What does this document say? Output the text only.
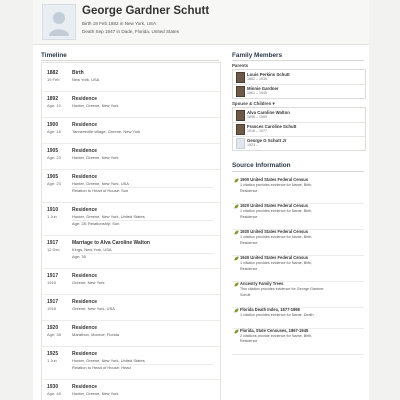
George Gardner Schutt
Birth 19 Feb 1882 in New York, USA
Death Sep 1947 in Dade, Florida, United States
Timeline
1882
19 Feb
Birth
New York, USA
1892
Age: 10
Residence
Hunter, Greene, New York
1900
Age: 18
Residence
Tannersville village, Greene, New York
1905
Age: 23
Residence
Hunter, Greene, New York
1905
Age: 23
Residence
Hunter, Greene, New York, USA
Relation to Head of House: Son
1910
1 Jun
Residence
Hunter, Greene, New York, United States
Age: 28; Relationship: Son
1917
12 Dec
Marriage to Alva Caroline Walton
Kings, New York, USA
Age: 35
1917
1918
Residence
Greene, New York
1917
1918
Residence
Greene, New York, USA
1920
Age: 38
Residence
Marathon, Monroe, Florida
1925
1 Jun
Residence
Hunter, Greene, New York, United States
Relation to Head of House: Head
1930
Age: 48
Residence
Hunter, Greene, New York
Family Members
Parents
Louis Perkins Schutt
1862 – 1935
Minnie Gardner
1861 – 1945
Spouse & Children ▾
Alva Caroline Walton
1896 – 1985
Frances Caroline Schutt
1918 – 1977
George G Schutt Jr
1923 –
Source Information
1900 United States Federal Census
1 citation provides evidence for Name, Birth,
Residence
1920 United States Federal Census
1 citation provides evidence for Name, Birth,
Residence
1930 United States Federal Census
1 citation provides evidence for Name, Birth,
Residence
1940 United States Federal Census
1 citation provides evidence for Name, Birth,
Residence
Ancestry Family Trees
This citation provides evidence for George Gardner
Schutt
Florida Death Index, 1877-1998
1 citation provides evidence for Name, Death
Florida, State Censuses, 1867-1945
2 citations provide evidence for Name, Birth,
Residence
